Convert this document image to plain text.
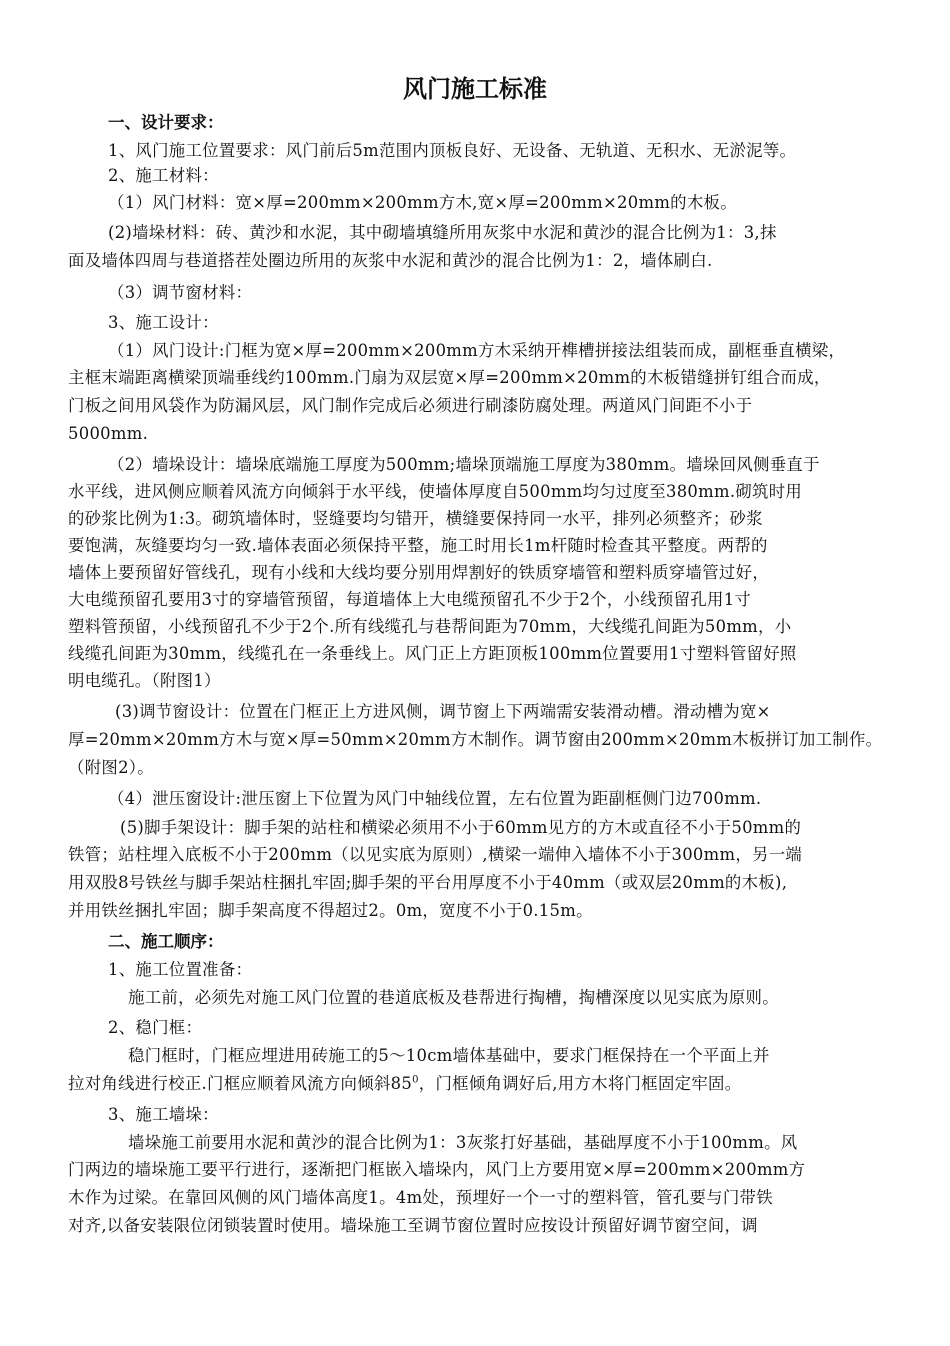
风门施工标准
一、设计要求：
1、风门施工位置要求：风门前后5m范围内顶板良好、无设备、无轨道、无积水、无淤泥等。
2、施工材料：
（1）风门材料：宽×厚=200mm×200mm方木,宽×厚=200mm×20mm的木板。
(2)墙垛材料：砖、黄沙和水泥，其中砌墙填缝所用灰浆中水泥和黄沙的混合比例为1：3,抹
面及墙体四周与巷道搭茬处圈边所用的灰浆中水泥和黄沙的混合比例为1：2，墙体刷白.
（3）调节窗材料：
3、施工设计：
（1）风门设计:门框为宽×厚=200mm×200mm方木采纳开榫槽拼接法组装而成，副框垂直横梁，
主框末端距离横梁顶端垂线约100mm.门扇为双层宽×厚=200mm×20mm的木板错缝拼钉组合而成，
门板之间用风袋作为防漏风层，风门制作完成后必须进行刷漆防腐处理。两道风门间距不小于
5000mm.
（2）墙垛设计：墙垛底端施工厚度为500mm;墙垛顶端施工厚度为380mm。墙垛回风侧垂直于
水平线，进风侧应顺着风流方向倾斜于水平线，使墙体厚度自500mm均匀过度至380mm.砌筑时用
的砂浆比例为1:3。砌筑墙体时，竖缝要均匀错开，横缝要保持同一水平，排列必须整齐；砂浆
要饱满，灰缝要均匀一致.墙体表面必须保持平整，施工时用长1m杆随时检查其平整度。两帮的
墙体上要预留好管线孔，现有小线和大线均要分别用焊割好的铁质穿墙管和塑料质穿墙管过好，
大电缆预留孔要用3寸的穿墙管预留，每道墙体上大电缆预留孔不少于2个，小线预留孔用1寸
塑料管预留，小线预留孔不少于2个.所有线缆孔与巷帮间距为70mm，大线缆孔间距为50mm，小
线缆孔间距为30mm，线缆孔在一条垂线上。风门正上方距顶板100mm位置要用1寸塑料管留好照
明电缆孔。（附图1）
(3)调节窗设计：位置在门框正上方进风侧，调节窗上下两端需安装滑动槽。滑动槽为宽×
厚=20mm×20mm方木与宽×厚=50mm×20mm方木制作。调节窗由200mm×20mm木板拼订加工制作。
（附图2）。
（4）泄压窗设计:泄压窗上下位置为风门中轴线位置，左右位置为距副框侧门边700mm.
(5)脚手架设计：脚手架的站柱和横梁必须用不小于60mm见方的方木或直径不小于50mm的
铁管；站柱埋入底板不小于200mm（以见实底为原则）,横梁一端伸入墙体不小于300mm，另一端
用双股8号铁丝与脚手架站柱捆扎牢固;脚手架的平台用厚度不小于40mm（或双层20mm的木板),
并用铁丝捆扎牢固；脚手架高度不得超过2。0m，宽度不小于0.15m。
二、施工顺序：
1、施工位置准备：
施工前，必须先对施工风门位置的巷道底板及巷帮进行掏槽，掏槽深度以见实底为原则。
2、稳门框：
稳门框时，门框应埋进用砖施工的5～10cm墙体基础中，要求门框保持在一个平面上并
拉对角线进行校正.门框应顺着风流方向倾斜$85^0$，门框倾角调好后,用方木将门框固定牢固。
3、施工墙垛：
墙垛施工前要用水泥和黄沙的混合比例为1：3灰浆打好基础，基础厚度不小于100mm。风
门两边的墙垛施工要平行进行，逐渐把门框嵌入墙垛内，风门上方要用宽×厚=200mm×200mm方
木作为过梁。在靠回风侧的风门墙体高度1。4m处，预埋好一个一寸的塑料管，管孔要与门带铁
对齐,以备安装限位闭锁装置时使用。墙垛施工至调节窗位置时应按设计预留好调节窗空间，调
